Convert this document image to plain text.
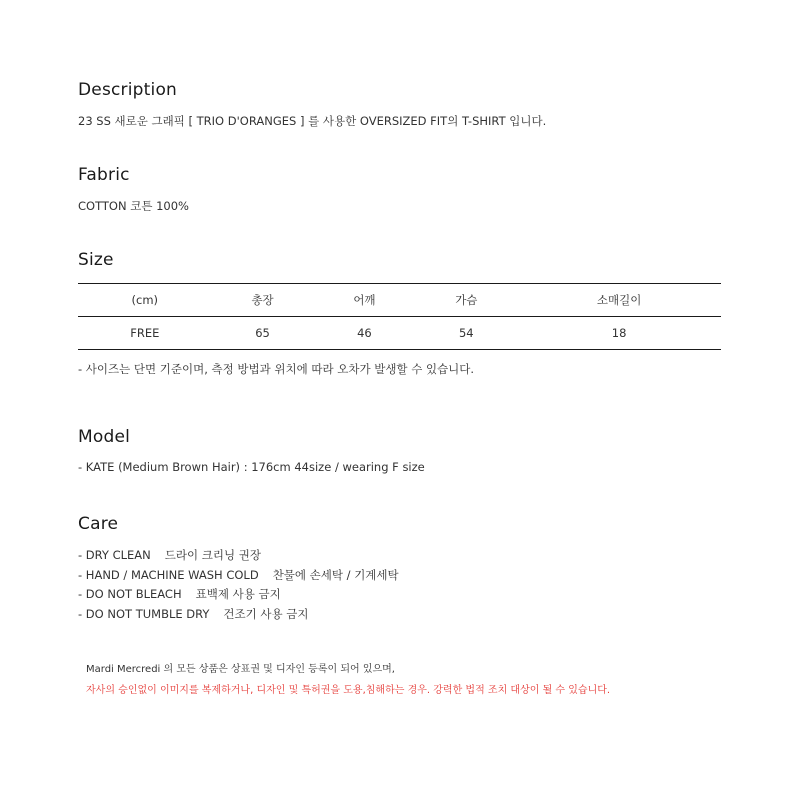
Description

23 SS 새로운 그래픽 [ TRIO D'ORANGES ] 를 사용한 OVERSIZED FIT의 T-SHIRT 입니다.

Fabric

COTTON 코튼 100%

Size
(cm)	총장	어깨	가슴	소매길이
FREE	65	46	54	18

- 사이즈는 단면 기준이며, 측정 방법과 위치에 따라 오차가 발생할 수 있습니다.

Model

- KATE (Medium Brown Hair) : 176cm 44size / wearing F size

Care
- DRY CLEAN 드라이 크리닝 권장
- HAND / MACHINE WASH COLD 찬물에 손세탁 / 기계세탁
- DO NOT BLEACH 표백제 사용 금지
- DO NOT TUMBLE DRY 건조기 사용 금지

Mardi Mercredi 의 모든 상품은 상표권 및 디자인 등록이 되어 있으며,

자사의 승인없이 이미지를 복제하거나, 디자인 및 특허권을 도용,침해하는 경우. 강력한 법적 조치 대상이 될 수 있습니다.
